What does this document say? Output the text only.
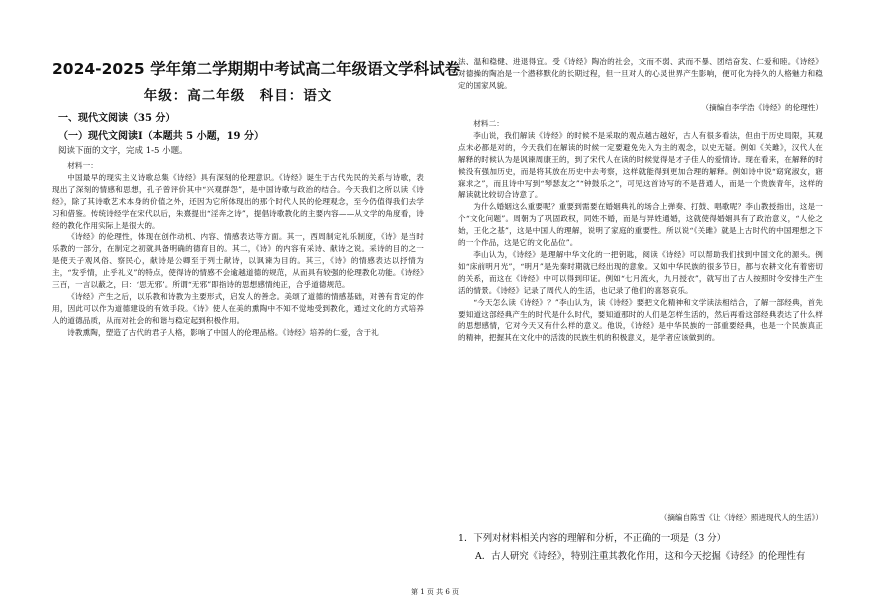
2024-2025 学年第二学期期中考试高二年级语文学科试卷
年级：高二年级　科目：语文
一、现代文阅读（35 分）
（一）现代文阅读Ⅰ（本题共 5 小题，19 分）
阅读下面的文字，完成 1-5 小题。

材料一：

中国最早的现实主义诗歌总集《诗经》具有深刻的伦理意识。《诗经》诞生于古代先民的关系与诗歌，表现出了深刻的情感和思想，孔子曾评价其中“兴观群怨”，是中国诗歌与政治的结合。今天我们之所以读《诗经》，除了其诗歌艺术本身的价值之外，还因为它所体现出的那个时代人民的伦理观念，至今仍值得我们去学习和借鉴。传统诗经学在宋代以后，朱熹提出“淫奔之诗”，提倡诗歌教化的主要内容——从文学的角度看，诗经的教化作用实际上是很大的。

《诗经》的伦理性，体现在创作动机、内容、情感表达等方面。其一，西周制定礼乐制度，《诗》是当时乐教的一部分，在制定之初就具备明确的德育目的。其二，《诗》的内容有采诗、献诗之说。采诗的目的之一是使天子观风俗、察民心，献诗是公卿至于列士献诗，以讽谏为目的。其三，《诗》的情感表达以抒情为主，“发乎情，止乎礼义”的特点，使得诗的情感不会逾越道德的规范，从而具有较强的伦理教化功能。《诗经》三百，一言以蔽之，曰：‘思无邪’。所谓“无邪”即指诗的思想感情纯正，合乎道德规范。

《诗经》产生之后，以乐教和诗教为主要形式，启发人的善念。美颂了道德的情感基础，对善有肯定的作用，因此可以作为道德建设的有效手段。《诗》使人在美的熏陶中不知不觉地受到教化，通过文化的方式培养人的道德品质，从而对社会的和谐与稳定起到积极作用。

诗教熏陶，塑造了古代的君子人格，影响了中国人的伦理品格。《诗经》培养的仁爱，含于礼

法、温和稳健、进退得宜。受《诗经》陶冶的社会，文而不弱、武而不暴、团结奋发、仁爱和睦。《诗经》对德操的陶冶是一个潜移默化的长期过程，但一旦对人的心灵世界产生影响，便可化为持久的人格魅力和稳定的国家风貌。

（摘编自李学浩《诗经》的伦理性）

材料二：

李山说，我们解读《诗经》的时候不是采取的观点越古越好，古人有很多看法，但由于历史局限，其观点未必都是对的，今天我们在解读的时候一定要避免先入为主的观念，以史无疑。例如《关雎》，汉代人在解释的时候认为是讽谏周康王的，到了宋代人在读的时候觉得是才子佳人的爱情诗。现在看来，在解释的时候没有强加历史，而是将其放在历史中去考察，这样就能得到更加合理的解释。例如诗中说“窈窕淑女，寤寐求之”，而且诗中写到“琴瑟友之”“钟鼓乐之”，可见这首诗写的不是普通人，而是一个贵族青年，这样的解读就比较切合诗意了。

为什么婚姻这么重要呢？重要到需要在婚姻典礼的场合上弹奏、打鼓、唱歌呢？李山教授指出，这是一个“文化问题”。周朝为了巩固政权，同姓不婚，而是与异姓通婚，这就使得婚姻具有了政治意义，“人伦之始，王化之基”，这是中国人的理解，说明了家庭的重要性。所以说“《关雎》就是上古时代的中国理想之下的一个作品，这是它的文化品位”。

李山认为，《诗经》是理解中华文化的一把钥匙，阅读《诗经》可以帮助我们找到中国文化的源头。例如“床前明月光”，“明月”是先秦时期就已经出现的意象。又如中华民族的很多节日，都与农耕文化有着密切的关系，而这在《诗经》中可以得到印证。例如“七月流火，九月授衣”，就写出了古人按照时令安排生产生活的情景。《诗经》记录了周代人的生活，也记录了他们的喜怒哀乐。

“今天怎么读《诗经》？”李山认为，读《诗经》要把文化精神和文学读法相结合，了解一部经典，首先要知道这部经典产生的时代是什么时代，要知道那时的人们是怎样生活的，然后再看这部经典表达了什么样的思想感情，它对今天又有什么样的意义。他说，《诗经》是中华民族的一部重要经典，也是一个民族真正的精神，把握其在文化中的活泼的民族生机的积极意义，是学者应该做到的。

（摘编自陈雪《让〈诗经〉照进现代人的生活》）
1．下列对材料相关内容的理解和分析，不正确的一项是（3 分）
A．古人研究《诗经》，特别注重其教化作用，这和今天挖掘《诗经》的伦理性有
第 1 页 共 6 页
